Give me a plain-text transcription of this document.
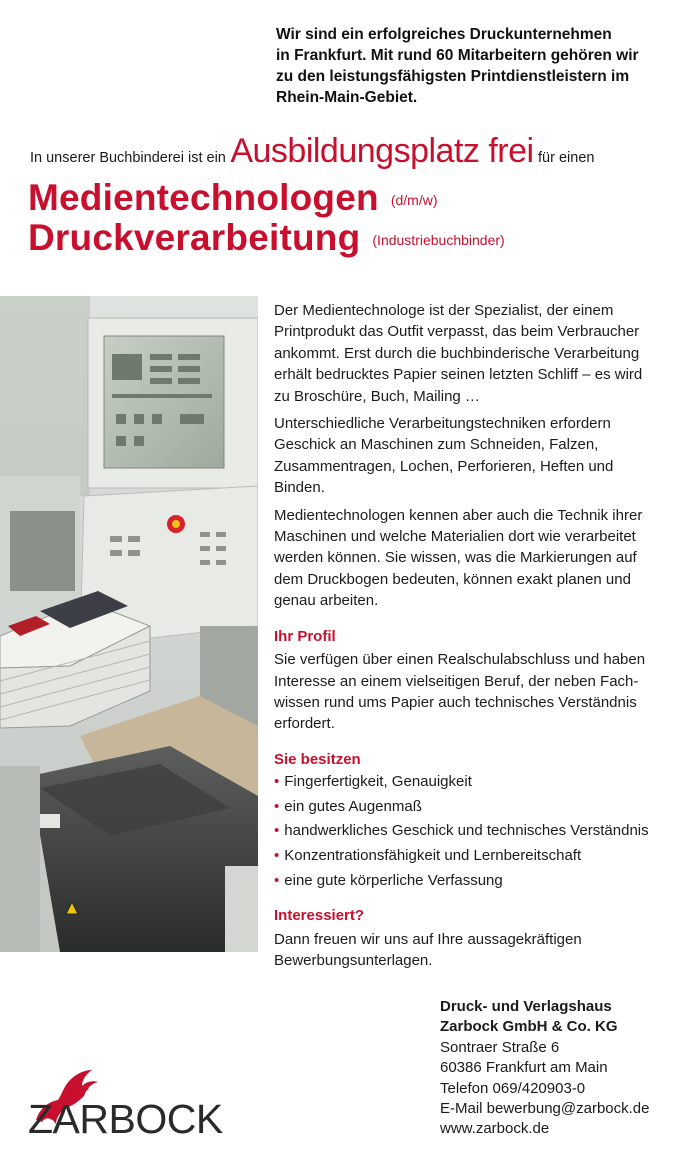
Wir sind ein erfolgreiches Druckunternehmen
in Frankfurt. Mit rund 60 Mitarbeitern gehören wir
zu den leistungsfähigsten Printdienstleistern im
Rhein-Main-Gebiet.
In unserer Buchbinderei ist ein Ausbildungsplatz frei für einen
Medientechnologen (d/m/w)
Druckverarbeitung (Industriebuchbinder)

Der Medientechnologe ist der Spezialist, der einem
Printprodukt das Outfit verpasst, das beim Verbraucher
ankommt. Erst durch die buchbinderische Verarbeitung
erhält bedrucktes Papier seinen letzten Schliff – es wird
zu Broschüre, Buch, Mailing …

Unterschiedliche Verarbeitungstechniken erfordern
Geschick an Maschinen zum Schneiden, Falzen,
Zusammentragen, Lochen, Perforieren, Heften und
Binden.

Medientechnologen kennen aber auch die Technik ihrer
Maschinen und welche Materialien dort wie verarbeitet
werden können. Sie wissen, was die Markierungen auf
dem Druckbogen bedeuten, können exakt planen und
genau arbeiten.

Ihr Profil

Sie verfügen über einen Realschulabschluss und haben
Interesse an einem vielseitigen Beruf, der neben Fach-
wissen rund ums Papier auch technisches Verständnis
erfordert.

Sie besitzen
• Fingerfertigkeit, Genauigkeit
• ein gutes Augenmaß
• handwerkliches Geschick und technisches Verständnis
• Konzentrationsfähigkeit und Lernbereitschaft
• eine gute körperliche Verfassung
Interessiert?

Dann freuen wir uns auf Ihre aussagekräftigen
Bewerbungsunterlagen.

ZARBOCK
Druck- und Verlagshaus
Zarbock GmbH & Co. KG
Sontraer Straße 6
60386 Frankfurt am Main
Telefon 069/420903-0
E-Mail bewerbung@zarbock.de
www.zarbock.de
